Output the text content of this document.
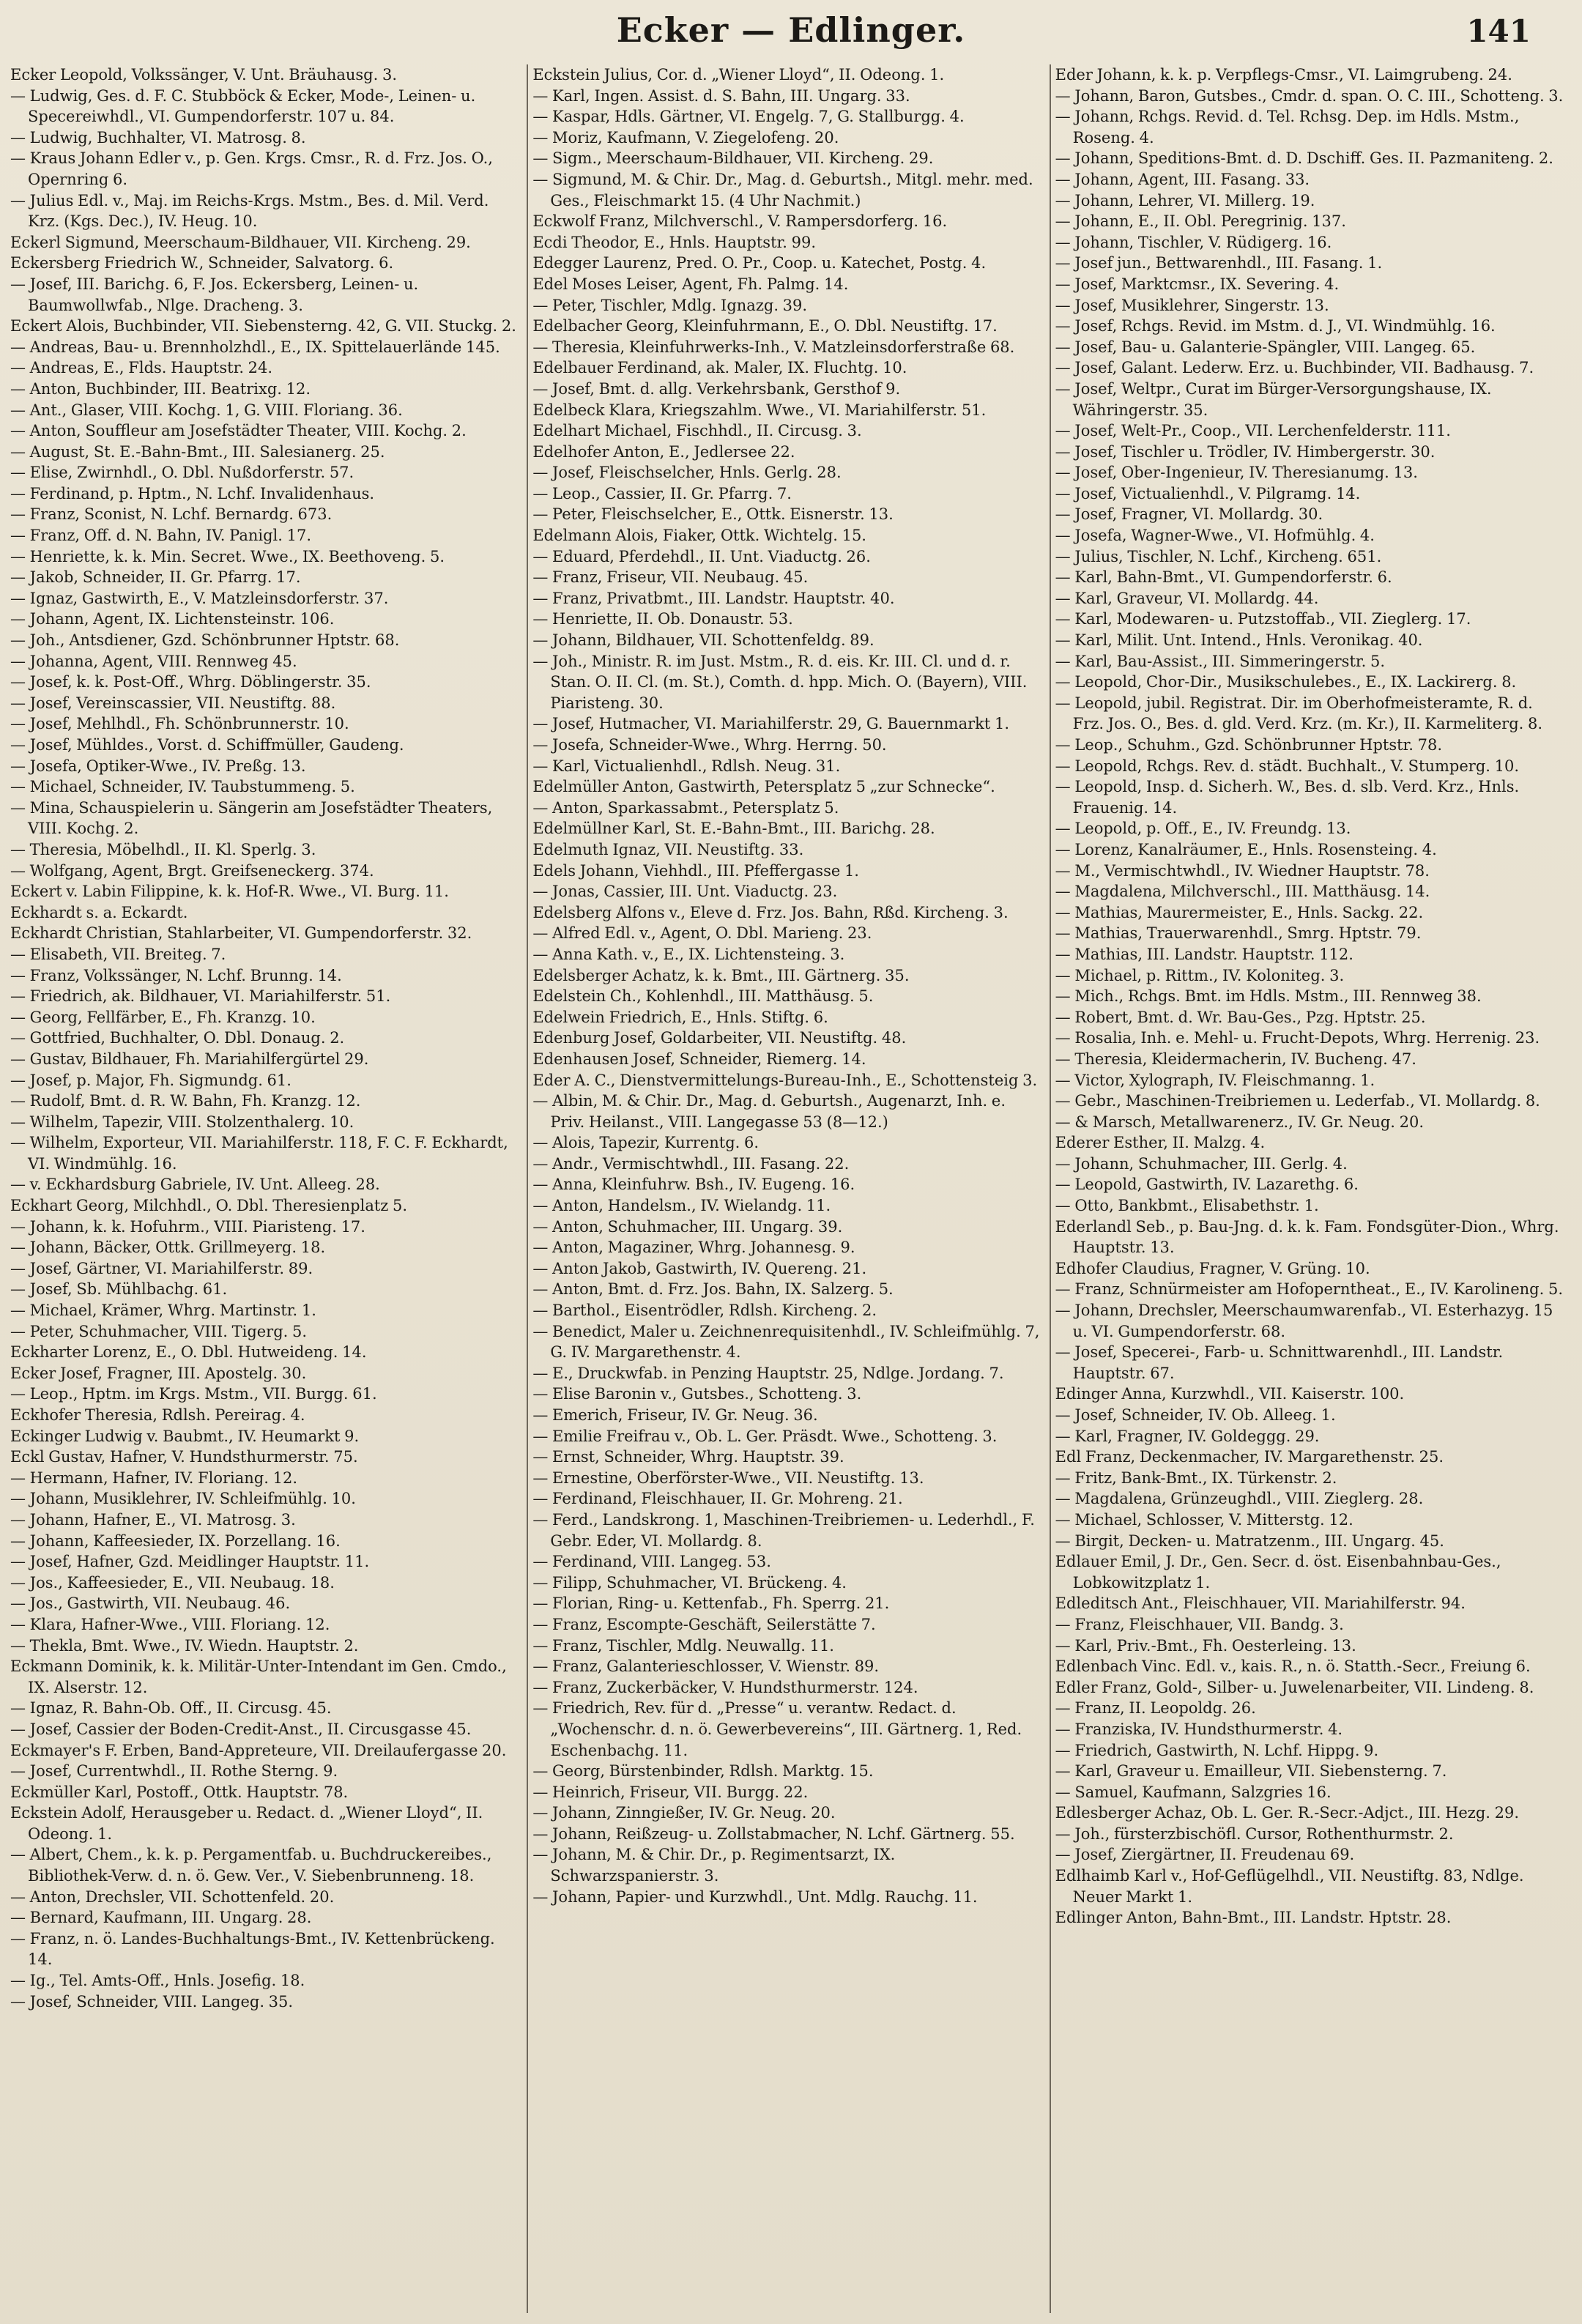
Ecker — Edlinger.	141
Ecker Leopold, Volkssänger, V. Unt. Bräuhausg. 3.
— Ludwig, Ges. d. F. C. Stubböck & Ecker, Mode-, Leinen- u. Specereiwhdl., VI. Gumpendorferstr. 107 u. 84.
— Ludwig, Buchhalter, VI. Matrosg. 8.
— Kraus Johann Edler v., p. Gen. Krgs. Cmsr., R. d. Frz. Jos. O., Opernring 6.
— Julius Edl. v., Maj. im Reichs-Krgs. Mstm., Bes. d. Mil. Verd. Krz. (Kgs. Dec.), IV. Heug. 10.
Eckerl Sigmund, Meerschaum-Bildhauer, VII. Kircheng. 29.
Eckersberg Friedrich W., Schneider, Salvatorg. 6.
— Josef, III. Barichg. 6, F. Jos. Eckersberg, Leinen- u. Baumwollwfab., Nlge. Dracheng. 3.
Eckert Alois, Buchbinder, VII. Siebensterng. 42, G. VII. Stuckg. 2.
— Andreas, Bau- u. Brennholzhdl., E., IX. Spittelauerlände 145.
— Andreas, E., Flds. Hauptstr. 24.
— Anton, Buchbinder, III. Beatrixg. 12.
— Ant., Glaser, VIII. Kochg. 1, G. VIII. Floriang. 36.
— Anton, Souffleur am Josefstädter Theater, VIII. Kochg. 2.
— August, St. E.-Bahn-Bmt., III. Salesianerg. 25.
— Elise, Zwirnhdl., O. Dbl. Nußdorferstr. 57.
— Ferdinand, p. Hptm., N. Lchf. Invalidenhaus.
— Franz, Sconist, N. Lchf. Bernardg. 673.
— Franz, Off. d. N. Bahn, IV. Panigl. 17.
— Henriette, k. k. Min. Secret. Wwe., IX. Beethoveng. 5.
— Jakob, Schneider, II. Gr. Pfarrg. 17.
— Ignaz, Gastwirth, E., V. Matzleinsdorferstr. 37.
— Johann, Agent, IX. Lichtensteinstr. 106.
— Joh., Antsdiener, Gzd. Schönbrunner Hptstr. 68.
— Johanna, Agent, VIII. Rennweg 45.
— Josef, k. k. Post-Off., Whrg. Döblingerstr. 35.
— Josef, Vereinscassier, VII. Neustiftg. 88.
— Josef, Mehlhdl., Fh. Schönbrunnerstr. 10.
— Josef, Mühldes., Vorst. d. Schiffmüller, Gaudeng.
— Josefa, Optiker-Wwe., IV. Preßg. 13.
— Michael, Schneider, IV. Taubstummeng. 5.
— Mina, Schauspielerin u. Sängerin am Josefstädter Theaters, VIII. Kochg. 2.
— Theresia, Möbelhdl., II. Kl. Sperlg. 3.
— Wolfgang, Agent, Brgt. Greifseneckerg. 374.
Eckert v. Labin Filippine, k. k. Hof-R. Wwe., VI. Burg. 11.
Eckhardt s. a. Eckardt.
Eckhardt Christian, Stahlarbeiter, VI. Gumpendorferstr. 32.
— Elisabeth, VII. Breiteg. 7.
— Franz, Volkssänger, N. Lchf. Brunng. 14.
— Friedrich, ak. Bildhauer, VI. Mariahilferstr. 51.
— Georg, Fellfärber, E., Fh. Kranzg. 10.
— Gottfried, Buchhalter, O. Dbl. Donaug. 2.
— Gustav, Bildhauer, Fh. Mariahilfergürtel 29.
— Josef, p. Major, Fh. Sigmundg. 61.
— Rudolf, Bmt. d. R. W. Bahn, Fh. Kranzg. 12.
— Wilhelm, Tapezir, VIII. Stolzenthalerg. 10.
— Wilhelm, Exporteur, VII. Mariahilferstr. 118, F. C. F. Eckhardt, VI. Windmühlg. 16.
— v. Eckhardsburg Gabriele, IV. Unt. Alleeg. 28.
Eckhart Georg, Milchhdl., O. Dbl. Theresienplatz 5.
— Johann, k. k. Hofuhrm., VIII. Piaristeng. 17.
— Johann, Bäcker, Ottk. Grillmeyerg. 18.
— Josef, Gärtner, VI. Mariahilferstr. 89.
— Josef, Sb. Mühlbachg. 61.
— Michael, Krämer, Whrg. Martinstr. 1.
— Peter, Schuhmacher, VIII. Tigerg. 5.
Eckharter Lorenz, E., O. Dbl. Hutweideng. 14.
Ecker Josef, Fragner, III. Apostelg. 30.
— Leop., Hptm. im Krgs. Mstm., VII. Burgg. 61.
Eckhofer Theresia, Rdlsh. Pereirag. 4.
Eckinger Ludwig v. Baubmt., IV. Heumarkt 9.
Eckl Gustav, Hafner, V. Hundsthurmerstr. 75.
— Hermann, Hafner, IV. Floriang. 12.
— Johann, Musiklehrer, IV. Schleifmühlg. 10.
— Johann, Hafner, E., VI. Matrosg. 3.
— Johann, Kaffeesieder, IX. Porzellang. 16.
— Josef, Hafner, Gzd. Meidlinger Hauptstr. 11.
— Jos., Kaffeesieder, E., VII. Neubaug. 18.
— Jos., Gastwirth, VII. Neubaug. 46.
— Klara, Hafner-Wwe., VIII. Floriang. 12.
— Thekla, Bmt. Wwe., IV. Wiedn. Hauptstr. 2.
Eckmann Dominik, k. k. Militär-Unter-Intendant im Gen. Cmdo., IX. Alserstr. 12.
— Ignaz, R. Bahn-Ob. Off., II. Circusg. 45.
— Josef, Cassier der Boden-Credit-Anst., II. Circusgasse 45.
Eckmayer's F. Erben, Band-Appreteure, VII. Dreilaufergasse 20.
— Josef, Currentwhdl., II. Rothe Sterng. 9.
Eckmüller Karl, Postoff., Ottk. Hauptstr. 78.
Eckstein Adolf, Herausgeber u. Redact. d. „Wiener Lloyd“, II. Odeong. 1.
— Albert, Chem., k. k. p. Pergamentfab. u. Buchdruckereibes., Bibliothek-Verw. d. n. ö. Gew. Ver., V. Siebenbrunneng. 18.
— Anton, Drechsler, VII. Schottenfeld. 20.
— Bernard, Kaufmann, III. Ungarg. 28.
— Franz, n. ö. Landes-Buchhaltungs-Bmt., IV. Kettenbrückeng. 14.
— Ig., Tel. Amts-Off., Hnls. Josefig. 18.
— Josef, Schneider, VIII. Langeg. 35.
Eckstein Julius, Cor. d. „Wiener Lloyd“, II. Odeong. 1.
— Karl, Ingen. Assist. d. S. Bahn, III. Ungarg. 33.
— Kaspar, Hdls. Gärtner, VI. Engelg. 7, G. Stallburgg. 4.
— Moriz, Kaufmann, V. Ziegelofeng. 20.
— Sigm., Meerschaum-Bildhauer, VII. Kircheng. 29.
— Sigmund, M. & Chir. Dr., Mag. d. Geburtsh., Mitgl. mehr. med. Ges., Fleischmarkt 15. (4 Uhr Nachmit.)
Eckwolf Franz, Milchverschl., V. Rampersdorferg. 16.
Ecdi Theodor, E., Hnls. Hauptstr. 99.
Edegger Laurenz, Pred. O. Pr., Coop. u. Katechet, Postg. 4.
Edel Moses Leiser, Agent, Fh. Palmg. 14.
— Peter, Tischler, Mdlg. Ignazg. 39.
Edelbacher Georg, Kleinfuhrmann, E., O. Dbl. Neustiftg. 17.
— Theresia, Kleinfuhrwerks-Inh., V. Matzleinsdorferstraße 68.
Edelbauer Ferdinand, ak. Maler, IX. Fluchtg. 10.
— Josef, Bmt. d. allg. Verkehrsbank, Gersthof 9.
Edelbeck Klara, Kriegszahlm. Wwe., VI. Mariahilferstr. 51.
Edelhart Michael, Fischhdl., II. Circusg. 3.
Edelhofer Anton, E., Jedlersee 22.
— Josef, Fleischselcher, Hnls. Gerlg. 28.
— Leop., Cassier, II. Gr. Pfarrg. 7.
— Peter, Fleischselcher, E., Ottk. Eisnerstr. 13.
Edelmann Alois, Fiaker, Ottk. Wichtelg. 15.
— Eduard, Pferdehdl., II. Unt. Viaductg. 26.
— Franz, Friseur, VII. Neubaug. 45.
— Franz, Privatbmt., III. Landstr. Hauptstr. 40.
— Henriette, II. Ob. Donaustr. 53.
— Johann, Bildhauer, VII. Schottenfeldg. 89.
— Joh., Ministr. R. im Just. Mstm., R. d. eis. Kr. III. Cl. und d. r. Stan. O. II. Cl. (m. St.), Comth. d. hpp. Mich. O. (Bayern), VIII. Piaristeng. 30.
— Josef, Hutmacher, VI. Mariahilferstr. 29, G. Bauernmarkt 1.
— Josefa, Schneider-Wwe., Whrg. Herrng. 50.
— Karl, Victualienhdl., Rdlsh. Neug. 31.
Edelmüller Anton, Gastwirth, Petersplatz 5 „zur Schnecke“.
— Anton, Sparkassabmt., Petersplatz 5.
Edelmüllner Karl, St. E.-Bahn-Bmt., III. Barichg. 28.
Edelmuth Ignaz, VII. Neustiftg. 33.
Edels Johann, Viehhdl., III. Pfeffergasse 1.
— Jonas, Cassier, III. Unt. Viaductg. 23.
Edelsberg Alfons v., Eleve d. Frz. Jos. Bahn, Rßd. Kircheng. 3.
— Alfred Edl. v., Agent, O. Dbl. Marieng. 23.
— Anna Kath. v., E., IX. Lichtensteing. 3.
Edelsberger Achatz, k. k. Bmt., III. Gärtnerg. 35.
Edelstein Ch., Kohlenhdl., III. Matthäusg. 5.
Edelwein Friedrich, E., Hnls. Stiftg. 6.
Edenburg Josef, Goldarbeiter, VII. Neustiftg. 48.
Edenhausen Josef, Schneider, Riemerg. 14.
Eder A. C., Dienstvermittelungs-Bureau-Inh., E., Schottensteig 3.
— Albin, M. & Chir. Dr., Mag. d. Geburtsh., Augenarzt, Inh. e. Priv. Heilanst., VIII. Langegasse 53 (8—12.)
— Alois, Tapezir, Kurrentg. 6.
— Andr., Vermischtwhdl., III. Fasang. 22.
— Anna, Kleinfuhrw. Bsh., IV. Eugeng. 16.
— Anton, Handelsm., IV. Wielandg. 11.
— Anton, Schuhmacher, III. Ungarg. 39.
— Anton, Magaziner, Whrg. Johannesg. 9.
— Anton Jakob, Gastwirth, IV. Quereng. 21.
— Anton, Bmt. d. Frz. Jos. Bahn, IX. Salzerg. 5.
— Barthol., Eisentrödler, Rdlsh. Kircheng. 2.
— Benedict, Maler u. Zeichnenrequisitenhdl., IV. Schleifmühlg. 7, G. IV. Margarethenstr. 4.
— E., Druckwfab. in Penzing Hauptstr. 25, Ndlge. Jordang. 7.
— Elise Baronin v., Gutsbes., Schotteng. 3.
— Emerich, Friseur, IV. Gr. Neug. 36.
— Emilie Freifrau v., Ob. L. Ger. Präsdt. Wwe., Schotteng. 3.
— Ernst, Schneider, Whrg. Hauptstr. 39.
— Ernestine, Oberförster-Wwe., VII. Neustiftg. 13.
— Ferdinand, Fleischhauer, II. Gr. Mohreng. 21.
— Ferd., Landskrong. 1, Maschinen-Treibriemen- u. Lederhdl., F. Gebr. Eder, VI. Mollardg. 8.
— Ferdinand, VIII. Langeg. 53.
— Filipp, Schuhmacher, VI. Brückeng. 4.
— Florian, Ring- u. Kettenfab., Fh. Sperrg. 21.
— Franz, Escompte-Geschäft, Seilerstätte 7.
— Franz, Tischler, Mdlg. Neuwallg. 11.
— Franz, Galanterieschlosser, V. Wienstr. 89.
— Franz, Zuckerbäcker, V. Hundsthurmerstr. 124.
— Friedrich, Rev. für d. „Presse“ u. verantw. Redact. d. „Wochenschr. d. n. ö. Gewerbevereins“, III. Gärtnerg. 1, Red. Eschenbachg. 11.
— Georg, Bürstenbinder, Rdlsh. Marktg. 15.
— Heinrich, Friseur, VII. Burgg. 22.
— Johann, Zinngießer, IV. Gr. Neug. 20.
— Johann, Reißzeug- u. Zollstabmacher, N. Lchf. Gärtnerg. 55.
— Johann, M. & Chir. Dr., p. Regimentsarzt, IX. Schwarzspanierstr. 3.
— Johann, Papier- und Kurzwhdl., Unt. Mdlg. Rauchg. 11.
Eder Johann, k. k. p. Verpflegs-Cmsr., VI. Laimgrubeng. 24.
— Johann, Baron, Gutsbes., Cmdr. d. span. O. C. III., Schotteng. 3.
— Johann, Rchgs. Revid. d. Tel. Rchsg. Dep. im Hdls. Mstm., Roseng. 4.
— Johann, Speditions-Bmt. d. D. Dschiff. Ges. II. Pazmaniteng. 2.
— Johann, Agent, III. Fasang. 33.
— Johann, Lehrer, VI. Millerg. 19.
— Johann, E., II. Obl. Peregrinig. 137.
— Johann, Tischler, V. Rüdigerg. 16.
— Josef jun., Bettwarenhdl., III. Fasang. 1.
— Josef, Marktcmsr., IX. Severing. 4.
— Josef, Musiklehrer, Singerstr. 13.
— Josef, Rchgs. Revid. im Mstm. d. J., VI. Windmühlg. 16.
— Josef, Bau- u. Galanterie-Spängler, VIII. Langeg. 65.
— Josef, Galant. Lederw. Erz. u. Buchbinder, VII. Badhausg. 7.
— Josef, Weltpr., Curat im Bürger-Versorgungshause, IX. Währingerstr. 35.
— Josef, Welt-Pr., Coop., VII. Lerchenfelderstr. 111.
— Josef, Tischler u. Trödler, IV. Himbergerstr. 30.
— Josef, Ober-Ingenieur, IV. Theresianumg. 13.
— Josef, Victualienhdl., V. Pilgramg. 14.
— Josef, Fragner, VI. Mollardg. 30.
— Josefa, Wagner-Wwe., VI. Hofmühlg. 4.
— Julius, Tischler, N. Lchf., Kircheng. 651.
— Karl, Bahn-Bmt., VI. Gumpendorferstr. 6.
— Karl, Graveur, VI. Mollardg. 44.
— Karl, Modewaren- u. Putzstoffab., VII. Zieglerg. 17.
— Karl, Milit. Unt. Intend., Hnls. Veronikag. 40.
— Karl, Bau-Assist., III. Simmeringerstr. 5.
— Leopold, Chor-Dir., Musikschulebes., E., IX. Lackirerg. 8.
— Leopold, jubil. Registrat. Dir. im Oberhofmeisteramte, R. d. Frz. Jos. O., Bes. d. gld. Verd. Krz. (m. Kr.), II. Karmeliterg. 8.
— Leop., Schuhm., Gzd. Schönbrunner Hptstr. 78.
— Leopold, Rchgs. Rev. d. städt. Buchhalt., V. Stumperg. 10.
— Leopold, Insp. d. Sicherh. W., Bes. d. slb. Verd. Krz., Hnls. Frauenig. 14.
— Leopold, p. Off., E., IV. Freundg. 13.
— Lorenz, Kanalräumer, E., Hnls. Rosensteing. 4.
— M., Vermischtwhdl., IV. Wiedner Hauptstr. 78.
— Magdalena, Milchverschl., III. Matthäusg. 14.
— Mathias, Maurermeister, E., Hnls. Sackg. 22.
— Mathias, Trauerwarenhdl., Smrg. Hptstr. 79.
— Mathias, III. Landstr. Hauptstr. 112.
— Michael, p. Rittm., IV. Koloniteg. 3.
— Mich., Rchgs. Bmt. im Hdls. Mstm., III. Rennweg 38.
— Robert, Bmt. d. Wr. Bau-Ges., Pzg. Hptstr. 25.
— Rosalia, Inh. e. Mehl- u. Frucht-Depots, Whrg. Herrenig. 23.
— Theresia, Kleidermacherin, IV. Bucheng. 47.
— Victor, Xylograph, IV. Fleischmanng. 1.
— Gebr., Maschinen-Treibriemen u. Lederfab., VI. Mollardg. 8.
— & Marsch, Metallwarenerz., IV. Gr. Neug. 20.
Ederer Esther, II. Malzg. 4.
— Johann, Schuhmacher, III. Gerlg. 4.
— Leopold, Gastwirth, IV. Lazarethg. 6.
— Otto, Bankbmt., Elisabethstr. 1.
Ederlandl Seb., p. Bau-Jng. d. k. k. Fam. Fondsgüter-Dion., Whrg. Hauptstr. 13.
Edhofer Claudius, Fragner, V. Grüng. 10.
— Franz, Schnürmeister am Hofoperntheat., E., IV. Karolineng. 5.
— Johann, Drechsler, Meerschaumwarenfab., VI. Esterhazyg. 15 u. VI. Gumpendorferstr. 68.
— Josef, Specerei-, Farb- u. Schnittwarenhdl., III. Landstr. Hauptstr. 67.
Edinger Anna, Kurzwhdl., VII. Kaiserstr. 100.
— Josef, Schneider, IV. Ob. Alleeg. 1.
— Karl, Fragner, IV. Goldeggg. 29.
Edl Franz, Deckenmacher, IV. Margarethenstr. 25.
— Fritz, Bank-Bmt., IX. Türkenstr. 2.
— Magdalena, Grünzeughdl., VIII. Zieglerg. 28.
— Michael, Schlosser, V. Mitterstg. 12.
— Birgit, Decken- u. Matratzenm., III. Ungarg. 45.
Edlauer Emil, J. Dr., Gen. Secr. d. öst. Eisenbahnbau-Ges., Lobkowitzplatz 1.
Edleditsch Ant., Fleischhauer, VII. Mariahilferstr. 94.
— Franz, Fleischhauer, VII. Bandg. 3.
— Karl, Priv.-Bmt., Fh. Oesterleing. 13.
Edlenbach Vinc. Edl. v., kais. R., n. ö. Statth.-Secr., Freiung 6.
Edler Franz, Gold-, Silber- u. Juwelenarbeiter, VII. Lindeng. 8.
— Franz, II. Leopoldg. 26.
— Franziska, IV. Hundsthurmerstr. 4.
— Friedrich, Gastwirth, N. Lchf. Hippg. 9.
— Karl, Graveur u. Emailleur, VII. Siebensterng. 7.
— Samuel, Kaufmann, Salzgries 16.
Edlesberger Achaz, Ob. L. Ger. R.-Secr.-Adjct., III. Hezg. 29.
— Joh., fürsterzbischöfl. Cursor, Rothenthurmstr. 2.
— Josef, Ziergärtner, II. Freudenau 69.
Edlhaimb Karl v., Hof-Geflügelhdl., VII. Neustiftg. 83, Ndlge. Neuer Markt 1.
Edlinger Anton, Bahn-Bmt., III. Landstr. Hptstr. 28.
